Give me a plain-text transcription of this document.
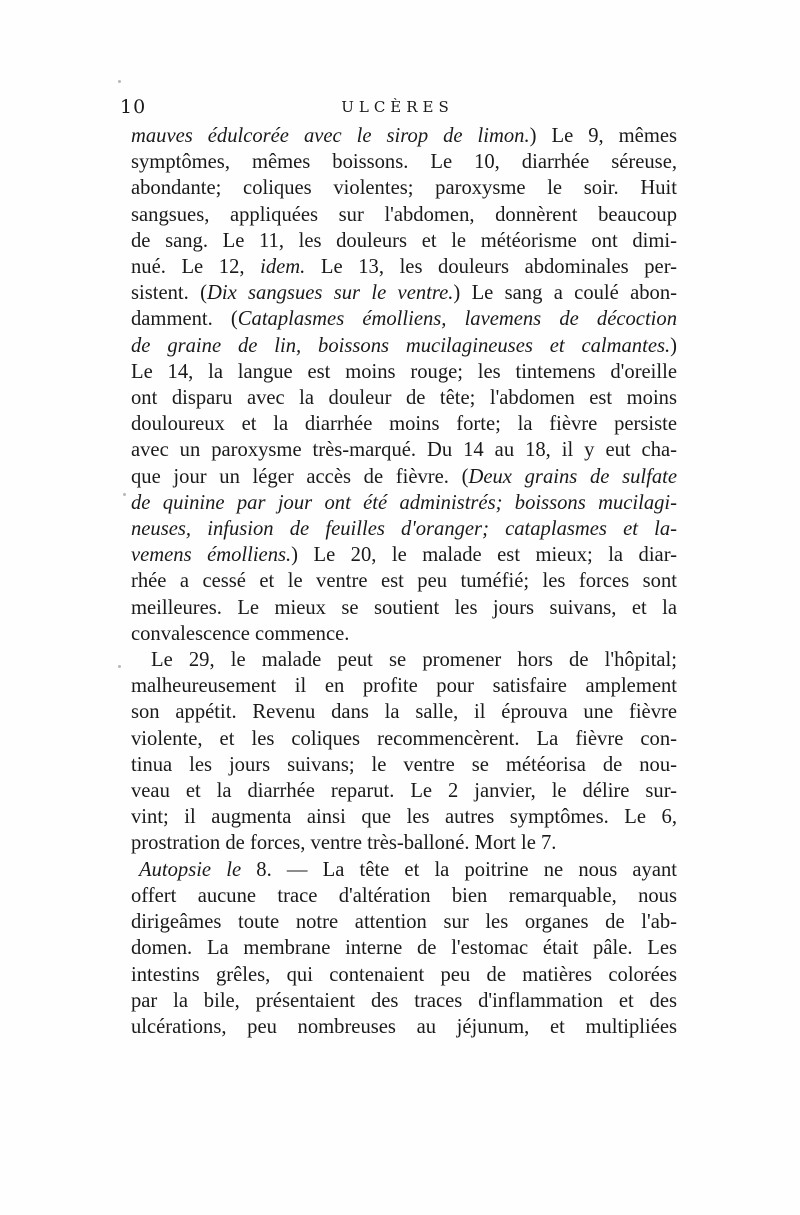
10	ULCÈRES
mauves édulcorée avec le sirop de limon.) Le 9, mêmes
symptômes, mêmes boissons. Le 10, diarrhée séreuse,
abondante; coliques violentes; paroxysme le soir. Huit
sangsues, appliquées sur l'abdomen, donnèrent beaucoup
de sang. Le 11, les douleurs et le météorisme ont dimi-
nué. Le 12, idem. Le 13, les douleurs abdominales per-
sistent. (Dix sangsues sur le ventre.) Le sang a coulé abon-
damment. (Cataplasmes émolliens, lavemens de décoction
de graine de lin, boissons mucilagineuses et calmantes.)
Le 14, la langue est moins rouge; les tintemens d'oreille
ont disparu avec la douleur de tête; l'abdomen est moins
douloureux et la diarrhée moins forte; la fièvre persiste
avec un paroxysme très-marqué. Du 14 au 18, il y eut cha-
que jour un léger accès de fièvre. (Deux grains de sulfate
de quinine par jour ont été administrés; boissons mucilagi-
neuses, infusion de feuilles d'oranger; cataplasmes et la-
vemens émolliens.) Le 20, le malade est mieux; la diar-
rhée a cessé et le ventre est peu tuméfié; les forces sont
meilleures. Le mieux se soutient les jours suivans, et la
convalescence commence.
Le 29, le malade peut se promener hors de l'hôpital;
malheureusement il en profite pour satisfaire amplement
son appétit. Revenu dans la salle, il éprouva une fièvre
violente, et les coliques recommencèrent. La fièvre con-
tinua les jours suivans; le ventre se météorisa de nou-
veau et la diarrhée reparut. Le 2 janvier, le délire sur-
vint; il augmenta ainsi que les autres symptômes. Le 6,
prostration de forces, ventre très-balloné. Mort le 7.
Autopsie le 8. — La tête et la poitrine ne nous ayant
offert aucune trace d'altération bien remarquable, nous
dirigeâmes toute notre attention sur les organes de l'ab-
domen. La membrane interne de l'estomac était pâle. Les
intestins grêles, qui contenaient peu de matières colorées
par la bile, présentaient des traces d'inflammation et des
ulcérations, peu nombreuses au jéjunum, et multipliées
